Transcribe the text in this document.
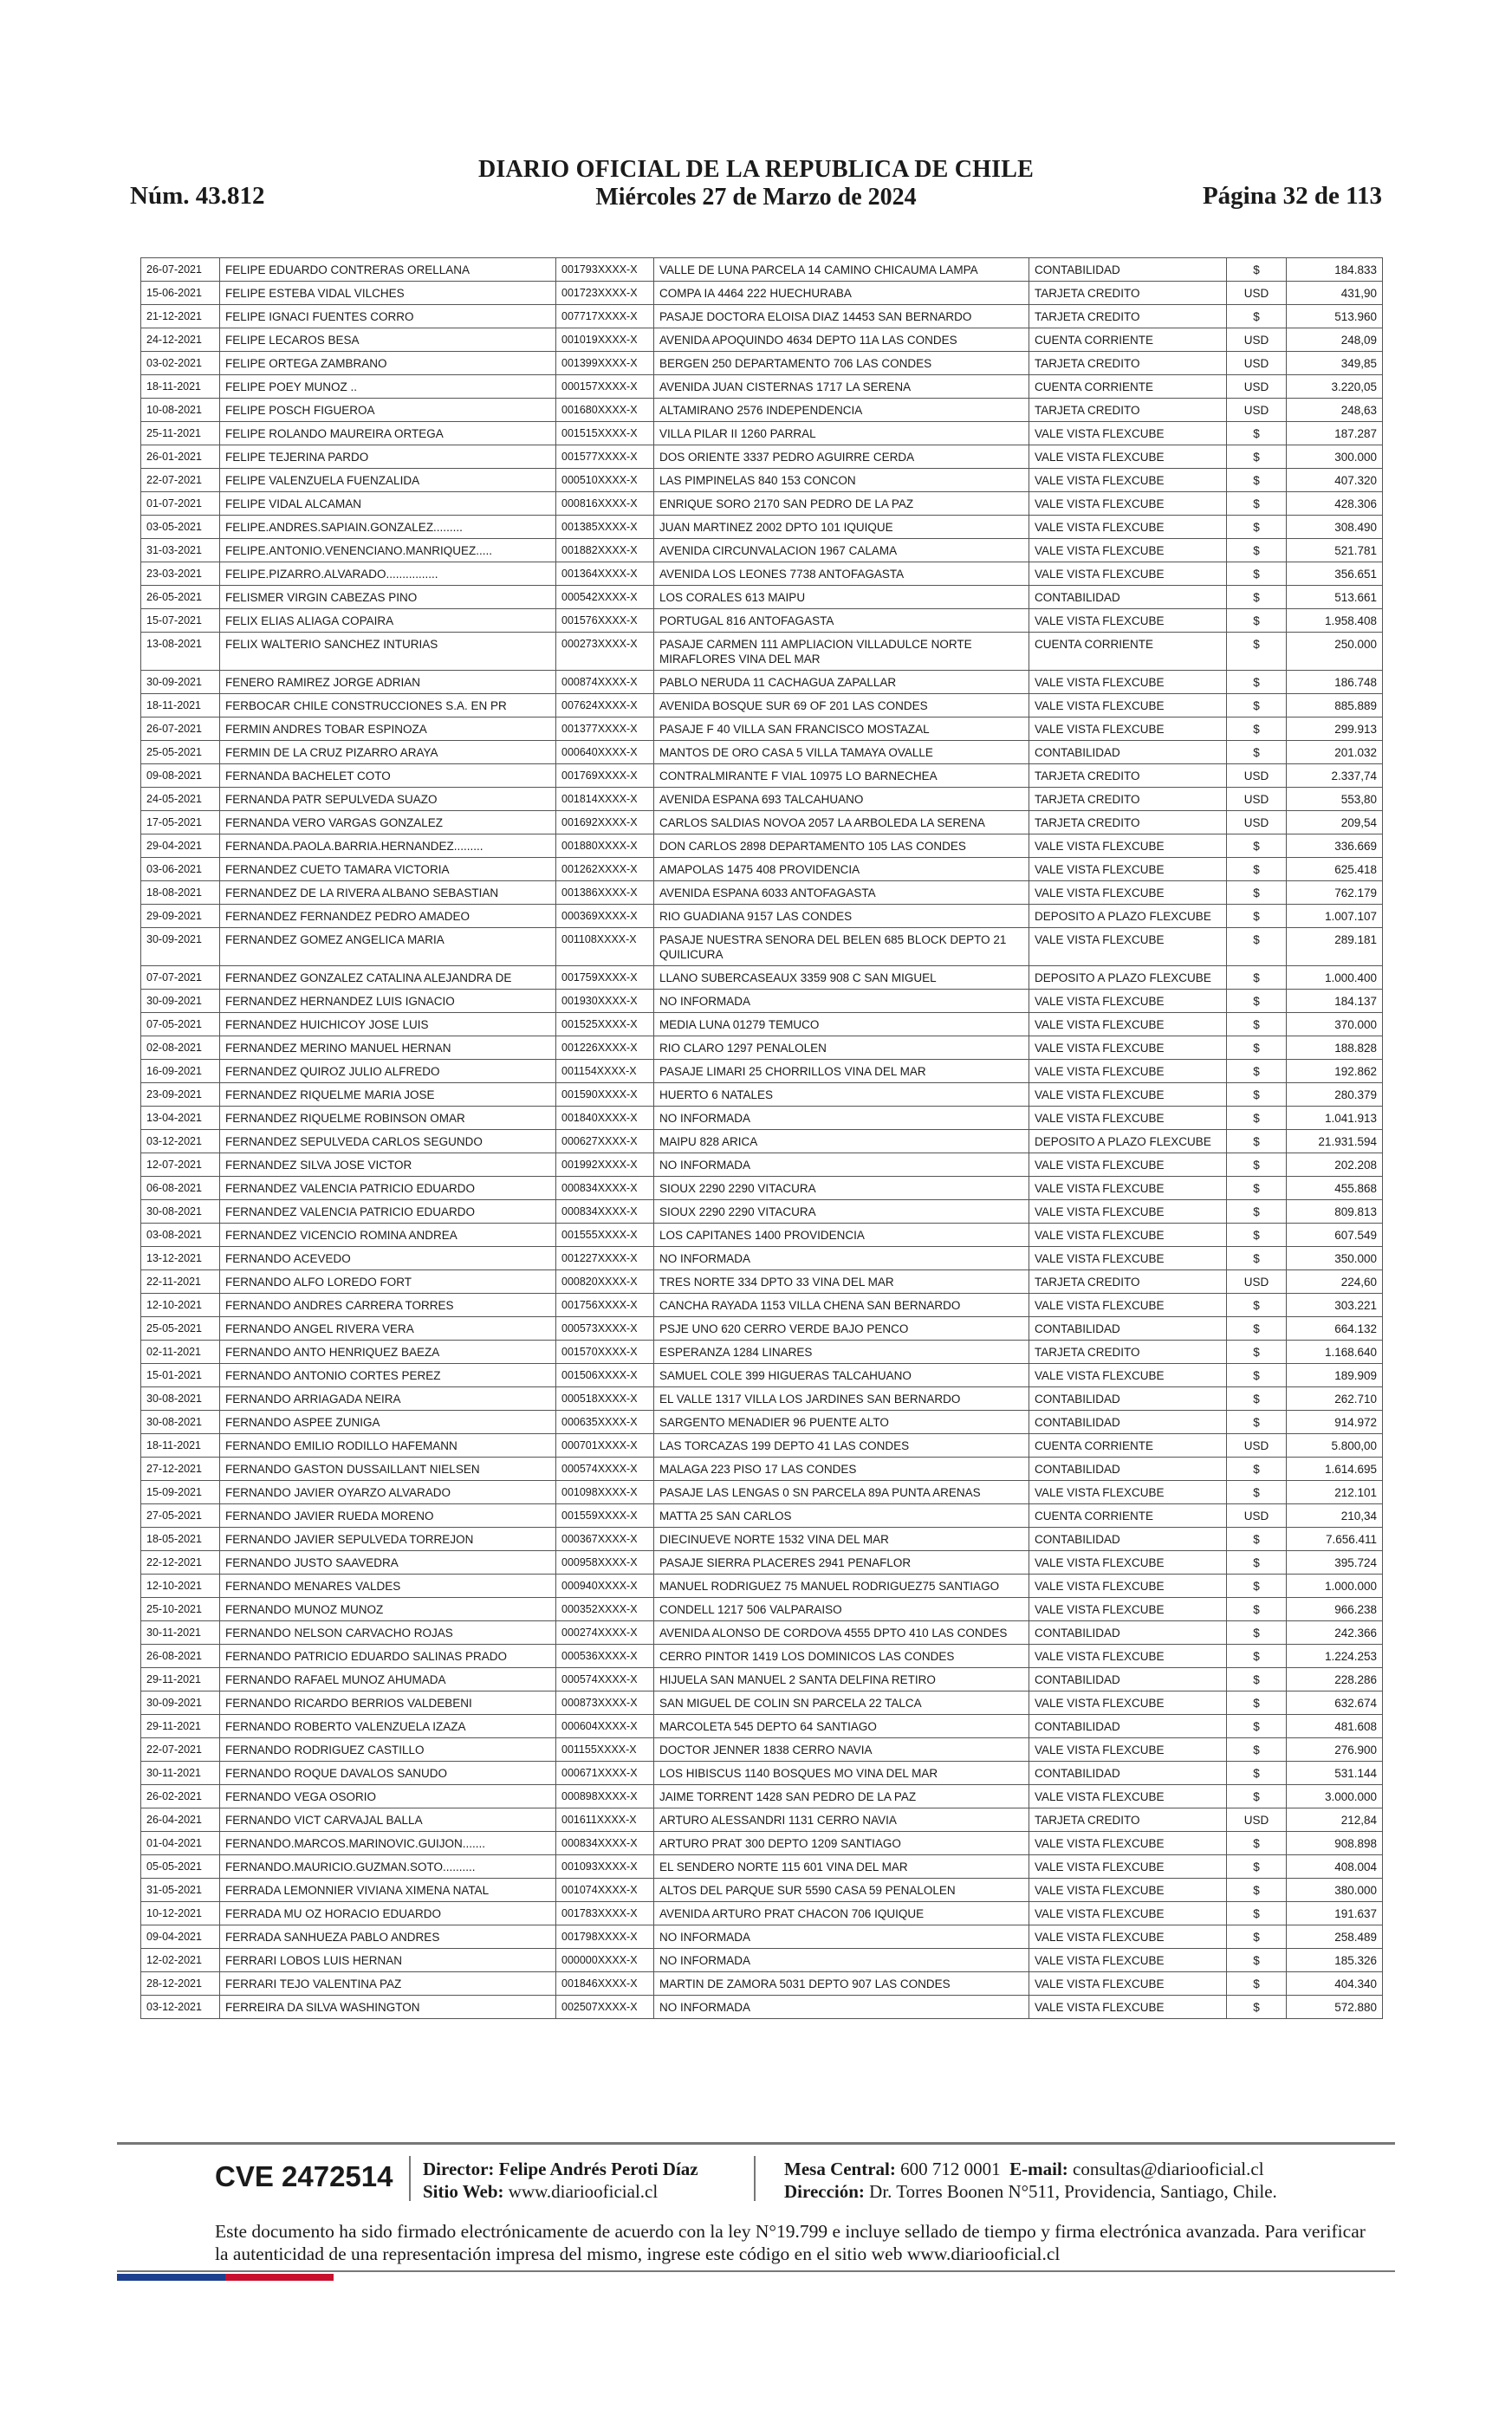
Núm. 43.812
DIARIO OFICIAL DE LA REPUBLICA DE CHILE
Miércoles 27 de Marzo de 2024	Página 32 de 113
26-07-2021	FELIPE EDUARDO CONTRERAS ORELLANA	001793XXXX-X	VALLE DE LUNA PARCELA 14 CAMINO CHICAUMA LAMPA	CONTABILIDAD	$	184.833
15-06-2021	FELIPE ESTEBA VIDAL VILCHES	001723XXXX-X	COMPA IA 4464 222 HUECHURABA	TARJETA CREDITO	USD	431,90
21-12-2021	FELIPE IGNACI FUENTES CORRO	007717XXXX-X	PASAJE DOCTORA ELOISA DIAZ 14453 SAN BERNARDO	TARJETA CREDITO	$	513.960
24-12-2021	FELIPE LECAROS BESA	001019XXXX-X	AVENIDA APOQUINDO 4634 DEPTO 11A LAS CONDES	CUENTA CORRIENTE	USD	248,09
03-02-2021	FELIPE ORTEGA ZAMBRANO	001399XXXX-X	BERGEN 250 DEPARTAMENTO 706 LAS CONDES	TARJETA CREDITO	USD	349,85
18-11-2021	FELIPE POEY MUNOZ ..	000157XXXX-X	AVENIDA JUAN CISTERNAS 1717 LA SERENA	CUENTA CORRIENTE	USD	3.220,05
10-08-2021	FELIPE POSCH FIGUEROA	001680XXXX-X	ALTAMIRANO 2576 INDEPENDENCIA	TARJETA CREDITO	USD	248,63
25-11-2021	FELIPE ROLANDO MAUREIRA ORTEGA	001515XXXX-X	VILLA PILAR II 1260 PARRAL	VALE VISTA FLEXCUBE	$	187.287
26-01-2021	FELIPE TEJERINA PARDO	001577XXXX-X	DOS ORIENTE 3337 PEDRO AGUIRRE CERDA	VALE VISTA FLEXCUBE	$	300.000
22-07-2021	FELIPE VALENZUELA FUENZALIDA	000510XXXX-X	LAS PIMPINELAS 840 153 CONCON	VALE VISTA FLEXCUBE	$	407.320
01-07-2021	FELIPE VIDAL ALCAMAN	000816XXXX-X	ENRIQUE SORO 2170 SAN PEDRO DE LA PAZ	VALE VISTA FLEXCUBE	$	428.306
03-05-2021	FELIPE.ANDRES.SAPIAIN.GONZALEZ.........	001385XXXX-X	JUAN MARTINEZ 2002 DPTO 101 IQUIQUE	VALE VISTA FLEXCUBE	$	308.490
31-03-2021	FELIPE.ANTONIO.VENENCIANO.MANRIQUEZ.....	001882XXXX-X	AVENIDA CIRCUNVALACION 1967 CALAMA	VALE VISTA FLEXCUBE	$	521.781
23-03-2021	FELIPE.PIZARRO.ALVARADO................	001364XXXX-X	AVENIDA LOS LEONES 7738 ANTOFAGASTA	VALE VISTA FLEXCUBE	$	356.651
26-05-2021	FELISMER VIRGIN CABEZAS PINO	000542XXXX-X	LOS CORALES 613 MAIPU	CONTABILIDAD	$	513.661
15-07-2021	FELIX ELIAS ALIAGA COPAIRA	001576XXXX-X	PORTUGAL 816 ANTOFAGASTA	VALE VISTA FLEXCUBE	$	1.958.408
13-08-2021	FELIX WALTERIO SANCHEZ INTURIAS	000273XXXX-X	PASAJE CARMEN 111 AMPLIACION VILLADULCE NORTE MIRAFLORES VINA DEL MAR	CUENTA CORRIENTE	$	250.000
30-09-2021	FENERO RAMIREZ JORGE ADRIAN	000874XXXX-X	PABLO NERUDA 11 CACHAGUA ZAPALLAR	VALE VISTA FLEXCUBE	$	186.748
18-11-2021	FERBOCAR CHILE CONSTRUCCIONES S.A. EN PR	007624XXXX-X	AVENIDA BOSQUE SUR 69 OF 201 LAS CONDES	VALE VISTA FLEXCUBE	$	885.889
26-07-2021	FERMIN ANDRES TOBAR ESPINOZA	001377XXXX-X	PASAJE F 40 VILLA SAN FRANCISCO MOSTAZAL	VALE VISTA FLEXCUBE	$	299.913
25-05-2021	FERMIN DE LA CRUZ PIZARRO ARAYA	000640XXXX-X	MANTOS DE ORO CASA 5 VILLA TAMAYA OVALLE	CONTABILIDAD	$	201.032
09-08-2021	FERNANDA BACHELET COTO	001769XXXX-X	CONTRALMIRANTE F VIAL 10975 LO BARNECHEA	TARJETA CREDITO	USD	2.337,74
24-05-2021	FERNANDA PATR SEPULVEDA SUAZO	001814XXXX-X	AVENIDA ESPANA 693 TALCAHUANO	TARJETA CREDITO	USD	553,80
17-05-2021	FERNANDA VERO VARGAS GONZALEZ	001692XXXX-X	CARLOS SALDIAS NOVOA 2057 LA ARBOLEDA LA SERENA	TARJETA CREDITO	USD	209,54
29-04-2021	FERNANDA.PAOLA.BARRIA.HERNANDEZ.........	001880XXXX-X	DON CARLOS 2898 DEPARTAMENTO 105 LAS CONDES	VALE VISTA FLEXCUBE	$	336.669
03-06-2021	FERNANDEZ CUETO TAMARA VICTORIA	001262XXXX-X	AMAPOLAS 1475 408 PROVIDENCIA	VALE VISTA FLEXCUBE	$	625.418
18-08-2021	FERNANDEZ DE LA RIVERA ALBANO SEBASTIAN	001386XXXX-X	AVENIDA ESPANA 6033 ANTOFAGASTA	VALE VISTA FLEXCUBE	$	762.179
29-09-2021	FERNANDEZ FERNANDEZ PEDRO AMADEO	000369XXXX-X	RIO GUADIANA 9157 LAS CONDES	DEPOSITO A PLAZO FLEXCUBE	$	1.007.107
30-09-2021	FERNANDEZ GOMEZ ANGELICA MARIA	001108XXXX-X	PASAJE NUESTRA SENORA DEL BELEN 685 BLOCK DEPTO 21 QUILICURA	VALE VISTA FLEXCUBE	$	289.181
07-07-2021	FERNANDEZ GONZALEZ CATALINA ALEJANDRA DE	001759XXXX-X	LLANO SUBERCASEAUX 3359 908 C SAN MIGUEL	DEPOSITO A PLAZO FLEXCUBE	$	1.000.400
30-09-2021	FERNANDEZ HERNANDEZ LUIS IGNACIO	001930XXXX-X	NO INFORMADA	VALE VISTA FLEXCUBE	$	184.137
07-05-2021	FERNANDEZ HUICHICOY JOSE LUIS	001525XXXX-X	MEDIA LUNA 01279 TEMUCO	VALE VISTA FLEXCUBE	$	370.000
02-08-2021	FERNANDEZ MERINO MANUEL HERNAN	001226XXXX-X	RIO CLARO 1297 PENALOLEN	VALE VISTA FLEXCUBE	$	188.828
16-09-2021	FERNANDEZ QUIROZ JULIO ALFREDO	001154XXXX-X	PASAJE LIMARI 25 CHORRILLOS VINA DEL MAR	VALE VISTA FLEXCUBE	$	192.862
23-09-2021	FERNANDEZ RIQUELME MARIA JOSE	001590XXXX-X	HUERTO 6 NATALES	VALE VISTA FLEXCUBE	$	280.379
13-04-2021	FERNANDEZ RIQUELME ROBINSON OMAR	001840XXXX-X	NO INFORMADA	VALE VISTA FLEXCUBE	$	1.041.913
03-12-2021	FERNANDEZ SEPULVEDA CARLOS SEGUNDO	000627XXXX-X	MAIPU 828 ARICA	DEPOSITO A PLAZO FLEXCUBE	$	21.931.594
12-07-2021	FERNANDEZ SILVA JOSE VICTOR	001992XXXX-X	NO INFORMADA	VALE VISTA FLEXCUBE	$	202.208
06-08-2021	FERNANDEZ VALENCIA PATRICIO EDUARDO	000834XXXX-X	SIOUX 2290 2290 VITACURA	VALE VISTA FLEXCUBE	$	455.868
30-08-2021	FERNANDEZ VALENCIA PATRICIO EDUARDO	000834XXXX-X	SIOUX 2290 2290 VITACURA	VALE VISTA FLEXCUBE	$	809.813
03-08-2021	FERNANDEZ VICENCIO ROMINA ANDREA	001555XXXX-X	LOS CAPITANES 1400 PROVIDENCIA	VALE VISTA FLEXCUBE	$	607.549
13-12-2021	FERNANDO ACEVEDO	001227XXXX-X	NO INFORMADA	VALE VISTA FLEXCUBE	$	350.000
22-11-2021	FERNANDO ALFO LOREDO FORT	000820XXXX-X	TRES NORTE 334 DPTO 33 VINA DEL MAR	TARJETA CREDITO	USD	224,60
12-10-2021	FERNANDO ANDRES CARRERA TORRES	001756XXXX-X	CANCHA RAYADA 1153 VILLA CHENA SAN BERNARDO	VALE VISTA FLEXCUBE	$	303.221
25-05-2021	FERNANDO ANGEL RIVERA VERA	000573XXXX-X	PSJE UNO 620 CERRO VERDE BAJO PENCO	CONTABILIDAD	$	664.132
02-11-2021	FERNANDO ANTO HENRIQUEZ BAEZA	001570XXXX-X	ESPERANZA 1284 LINARES	TARJETA CREDITO	$	1.168.640
15-01-2021	FERNANDO ANTONIO CORTES PEREZ	001506XXXX-X	SAMUEL COLE 399 HIGUERAS TALCAHUANO	VALE VISTA FLEXCUBE	$	189.909
30-08-2021	FERNANDO ARRIAGADA NEIRA	000518XXXX-X	EL VALLE 1317 VILLA LOS JARDINES SAN BERNARDO	CONTABILIDAD	$	262.710
30-08-2021	FERNANDO ASPEE ZUNIGA	000635XXXX-X	SARGENTO MENADIER 96 PUENTE ALTO	CONTABILIDAD	$	914.972
18-11-2021	FERNANDO EMILIO RODILLO HAFEMANN	000701XXXX-X	LAS TORCAZAS 199 DEPTO 41 LAS CONDES	CUENTA CORRIENTE	USD	5.800,00
27-12-2021	FERNANDO GASTON DUSSAILLANT NIELSEN	000574XXXX-X	MALAGA 223 PISO 17 LAS CONDES	CONTABILIDAD	$	1.614.695
15-09-2021	FERNANDO JAVIER OYARZO ALVARADO	001098XXXX-X	PASAJE LAS LENGAS 0 SN PARCELA 89A PUNTA ARENAS	VALE VISTA FLEXCUBE	$	212.101
27-05-2021	FERNANDO JAVIER RUEDA MORENO	001559XXXX-X	MATTA 25 SAN CARLOS	CUENTA CORRIENTE	USD	210,34
18-05-2021	FERNANDO JAVIER SEPULVEDA TORREJON	000367XXXX-X	DIECINUEVE NORTE 1532 VINA DEL MAR	CONTABILIDAD	$	7.656.411
22-12-2021	FERNANDO JUSTO SAAVEDRA	000958XXXX-X	PASAJE SIERRA PLACERES 2941 PENAFLOR	VALE VISTA FLEXCUBE	$	395.724
12-10-2021	FERNANDO MENARES VALDES	000940XXXX-X	MANUEL RODRIGUEZ 75 MANUEL RODRIGUEZ75 SANTIAGO	VALE VISTA FLEXCUBE	$	1.000.000
25-10-2021	FERNANDO MUNOZ MUNOZ	000352XXXX-X	CONDELL 1217 506 VALPARAISO	VALE VISTA FLEXCUBE	$	966.238
30-11-2021	FERNANDO NELSON CARVACHO ROJAS	000274XXXX-X	AVENIDA ALONSO DE CORDOVA 4555 DPTO 410 LAS CONDES	CONTABILIDAD	$	242.366
26-08-2021	FERNANDO PATRICIO EDUARDO SALINAS PRADO	000536XXXX-X	CERRO PINTOR 1419 LOS DOMINICOS LAS CONDES	VALE VISTA FLEXCUBE	$	1.224.253
29-11-2021	FERNANDO RAFAEL MUNOZ AHUMADA	000574XXXX-X	HIJUELA SAN MANUEL 2 SANTA DELFINA RETIRO	CONTABILIDAD	$	228.286
30-09-2021	FERNANDO RICARDO BERRIOS VALDEBENI	000873XXXX-X	SAN MIGUEL DE COLIN SN PARCELA 22 TALCA	VALE VISTA FLEXCUBE	$	632.674
29-11-2021	FERNANDO ROBERTO VALENZUELA IZAZA	000604XXXX-X	MARCOLETA 545 DEPTO 64 SANTIAGO	CONTABILIDAD	$	481.608
22-07-2021	FERNANDO RODRIGUEZ CASTILLO	001155XXXX-X	DOCTOR JENNER 1838 CERRO NAVIA	VALE VISTA FLEXCUBE	$	276.900
30-11-2021	FERNANDO ROQUE DAVALOS SANUDO	000671XXXX-X	LOS HIBISCUS 1140 BOSQUES MO VINA DEL MAR	CONTABILIDAD	$	531.144
26-02-2021	FERNANDO VEGA OSORIO	000898XXXX-X	JAIME TORRENT 1428 SAN PEDRO DE LA PAZ	VALE VISTA FLEXCUBE	$	3.000.000
26-04-2021	FERNANDO VICT CARVAJAL BALLA	001611XXXX-X	ARTURO ALESSANDRI 1131 CERRO NAVIA	TARJETA CREDITO	USD	212,84
01-04-2021	FERNANDO.MARCOS.MARINOVIC.GUIJON.......	000834XXXX-X	ARTURO PRAT 300 DEPTO 1209 SANTIAGO	VALE VISTA FLEXCUBE	$	908.898
05-05-2021	FERNANDO.MAURICIO.GUZMAN.SOTO..........	001093XXXX-X	EL SENDERO NORTE 115 601 VINA DEL MAR	VALE VISTA FLEXCUBE	$	408.004
31-05-2021	FERRADA LEMONNIER VIVIANA XIMENA NATAL	001074XXXX-X	ALTOS DEL PARQUE SUR 5590 CASA 59 PENALOLEN	VALE VISTA FLEXCUBE	$	380.000
10-12-2021	FERRADA MU OZ HORACIO EDUARDO	001783XXXX-X	AVENIDA ARTURO PRAT CHACON 706 IQUIQUE	VALE VISTA FLEXCUBE	$	191.637
09-04-2021	FERRADA SANHUEZA PABLO ANDRES	001798XXXX-X	NO INFORMADA	VALE VISTA FLEXCUBE	$	258.489
12-02-2021	FERRARI LOBOS LUIS HERNAN	000000XXXX-X	NO INFORMADA	VALE VISTA FLEXCUBE	$	185.326
28-12-2021	FERRARI TEJO VALENTINA PAZ	001846XXXX-X	MARTIN DE ZAMORA 5031 DEPTO 907 LAS CONDES	VALE VISTA FLEXCUBE	$	404.340
03-12-2021	FERREIRA DA SILVA WASHINGTON	002507XXXX-X	NO INFORMADA	VALE VISTA FLEXCUBE	$	572.880
CVE 2472514 Director: Felipe Andrés Peroti Díaz
Sitio Web: www.diariooficial.cl
Mesa Central: 600 712 0001 E-mail: consultas@diariooficial.cl
Dirección: Dr. Torres Boonen N°511, Providencia, Santiago, Chile.
Este documento ha sido firmado electrónicamente de acuerdo con la ley N°19.799 e incluye sellado de tiempo y firma electrónica avanzada. Para verificar la autenticidad de una representación impresa del mismo, ingrese este código en el sitio web www.diariooficial.cl
